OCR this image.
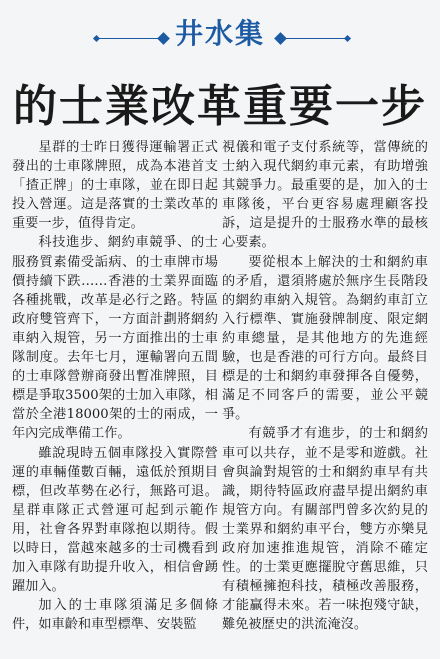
井水集
的士業改革重要一步

星群的士昨日獲得運輸署正式發出的士車隊牌照，成為本港首支「揸正牌」的士車隊，並在即日起投入營運。這是落實的士業改革的重要一步，值得肯定。

科技進步、網約車競爭、的士服務質素備受詬病、的士車牌市場價持續下跌……香港的士業界面臨各種挑戰，改革是必行之路。特區政府雙管齊下，一方面計劃將網約車納入規管，另一方面推出的士車隊制度。去年七月，運輸署向五間的士車隊營辦商發出暫准牌照，目標是爭取3500架的士加入車隊，相當於全港18000架的士的兩成，一年內完成準備工作。

雖說現時五個車隊投入實際營運的車輛僅數百輛，遠低於預期目標，但改革勢在必行，無路可退。星群車隊正式營運可起到示範作用，社會各界對車隊抱以期待。假以時日，當越來越多的士司機看到加入車隊有助提升收入，相信會踴躍加入。

加入的士車隊須滿足多個條件，如車齡和車型標準、安裝監

視儀和電子支付系統等，當傳統的士納入現代網約車元素，有助增強其競爭力。最重要的是，加入的士車隊後，平台更容易處理顧客投訴，這是提升的士服務水準的最核心要素。

要從根本上解決的士和網約車的矛盾，還須將處於無序生長階段的網約車納入規管。為網約車訂立入行標準、實施發牌制度、限定網約車總量，是其他地方的先進經驗，也是香港的可行方向。最終目標是的士和網約車發揮各自優勢，滿足不同客戶的需要，並公平競爭。

有競爭才有進步，的士和網約車可以共存，並不是零和遊戲。社會與論對規管的士和網約車早有共識，期待特區政府盡早提出網約車規管方向。有關部門曾多次約見的士業界和網約車平台，雙方亦樂見政府加速推進規管，消除不確定性。的士業更應擺脫守舊思維，只有積極擁抱科技，積極改善服務，才能贏得未來。若一味抱殘守缺，難免被歷史的洪流淹沒。
